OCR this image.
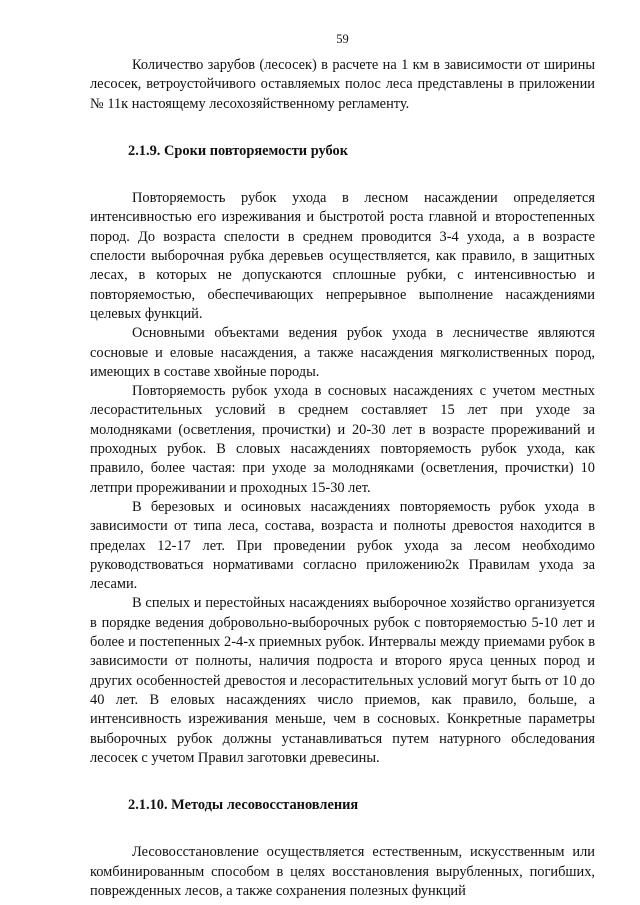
59

Количество зарубов (лесосек) в расчете на 1 км в зависимости от ширины лесосек, ветроустойчивого оставляемых полос леса представлены в приложении № 11к настоящему лесохозяйственному регламенту.

2.1.9. Сроки повторяемости рубок

Повторяемость рубок ухода в лесном насаждении определяется интенсивностью его изреживания и быстротой роста главной и второстепенных пород. До возраста спелости в среднем проводится 3-4 ухода, а в возрасте спелости выборочная рубка деревьев осуществляется, как правило, в защитных лесах, в которых не допускаются сплошные рубки, с интенсивностью и повторяемостью, обеспечивающих непрерывное выполнение насаждениями целевых функций.

Основными объектами ведения рубок ухода в лесничестве являются сосновые и еловые насаждения, а также насаждения мягколиственных пород, имеющих в составе хвойные породы.

Повторяемость рубок ухода в сосновых насаждениях с учетом местных лесорастительных условий в среднем составляет 15 лет при уходе за молодняками (осветления, прочистки) и 20-30 лет в возрасте прореживаний и проходных рубок. В словых насаждениях повторяемость рубок ухода, как правило, более частая: при уходе за молодняками (осветления, прочистки) 10 летпри прореживании и проходных 15-30 лет.

В березовых и осиновых насаждениях повторяемость рубок ухода в зависимости от типа леса, состава, возраста и полноты древостоя находится в пределах 12-17 лет. При проведении рубок ухода за лесом необходимо руководствоваться нормативами согласно приложению2к Правилам ухода за лесами.

В спелых и перестойных насаждениях выборочное хозяйство организуется в порядке ведения добровольно-выборочных рубок с повторяемостью 5-10 лет и более и постепенных 2-4-х приемных рубок. Интервалы между приемами рубок в зависимости от полноты, наличия подроста и второго яруса ценных пород и других особенностей древостоя и лесорастительных условий могут быть от 10 до 40 лет. В еловых насаждениях число приемов, как правило, больше, а интенсивность изреживания меньше, чем в сосновых. Конкретные параметры выборочных рубок должны устанавливаться путем натурного обследования лесосек с учетом Правил заготовки древесины.

2.1.10. Методы лесовосстановления

Лесовосстановление осуществляется естественным, искусственным или комбинированным способом в целях восстановления вырубленных, погибших, поврежденных лесов, а также сохранения полезных функций
